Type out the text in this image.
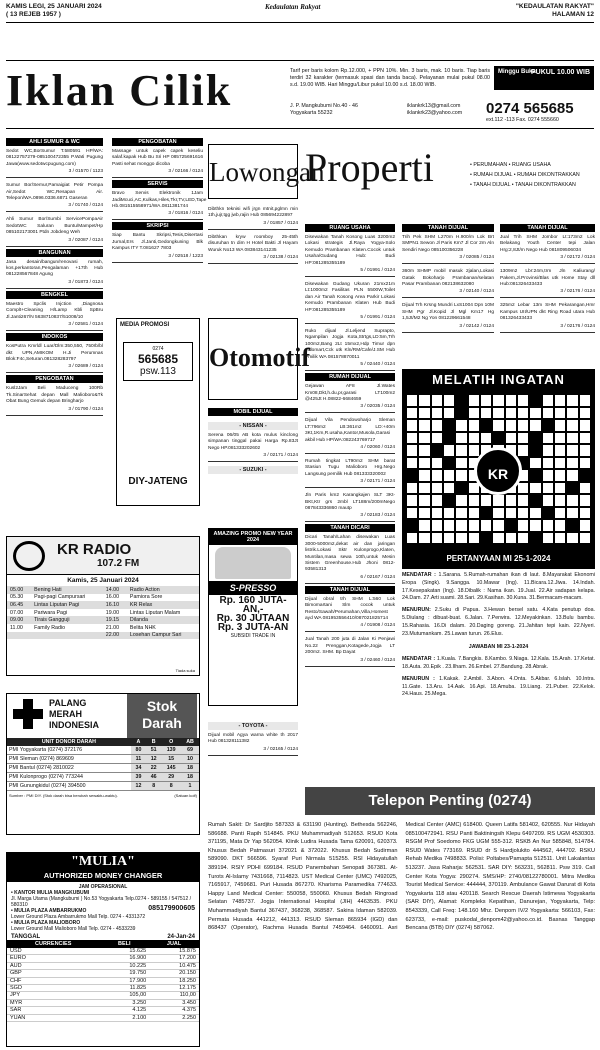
KAMIS LEGI, 25 JANUARI 2024
( 13 REJEB 1957 )
Kedaulatan Rakyat	"KEDAULATAN RAKYAT"
HALAMAN 12
Iklan Cilik	Tarif per baris kolom Rp.12.000, + PPN 10%. Min. 3 baris, mak. 10 baris. Tiap baris terdiri 32 karakter (termasuk spasi dan tanda baca). Pelayanan mulai pukul 08.00 s.d. 19.00 WIB. Hari Minggu/Libur pukul 10.00 s.d. 18.00 WIB.
Minggu Buka
PUKUL 10.00 WIB
J. P. Mangkubumi No.40 - 46
Yogyakarta 55232
iklankrk13@gmail.com
iklankrk23@yahoo.com	0274 565685
ext.112 -113 Fax. 0274 555660
AHLI SUMUR & WC
Sedot WC,BorSumur T.580591 HP/WA: 08122757279-085100472355 P.Wati Pugung Jawa(www.sedotwcpugung.com)
3 / 01570 / 1123
Sumur Bor/Semur,Pamaigiat Petir Pompa Air,Sedot WC,Resapan Air. Telepon/WA.0896.0336.6871 Gaseran
3 / 01740 / 0124
Ahli Sumur Bor/Sumbi ServicePompaAir SedotWC Saluran Buntu/Mampet/Hp 085102173001 Ptdn Jobdeng Weh
3 / 02087 / 0124
BANGUNAN
Jasa desain/bangun/renovasi rumah, kos,perkantoran,Pengalaman +17th Hub 081228567848 Agung
3 / 01873 / 0124
BENGKEL
Maestro Spclis Injction ,Diagnosa Complt+Cleaning H/Lamp Kbli SpBru Jl.Janti267/N 5638710837/51008/10
3 / 02581 / 0124
INDOKOS
KosPutra Kmrldl Luar/Dlm:350,550, 750rb/bl dkt UPN,AMIKOM H.Ji Perumnas Blok:F4c,Seturan.081328283797
3 / 02689 / 0124
PENGOBATAN
Kusl2Jam Beli Maduceng 100Rb Tk.SinarSehat depan Mall Malioboro&Tk Obat Bung Gemuk depan Bringharjo
3 / 01790 / 0124
PENGOBATAN
Massage untuk capek capek keseliu salaf.kapak Hub Bu Sri HP 085725691616 Pasti sehat monggo dicoba
3 / 02166 / 0124
SERVIS
Bravo Servis Elektronik 1Jam JadiMcuci,AC,Kulkas,Hiles,Tkr,TV,LED,Tape Hb.081515558971/WA.0811381744
3 / 01816 / 0124
SKRIPSI
Siap Bantu Skripsi,Tesis,Disertasi Jurnal,Ers Jl.Janti,Gedongkuning Blk Kampus ITY T.081627 7803
3 / 02518 / 1223
MEDIA PROMOSI
0274
565685
psw.113
DIY-JATENG
Lowongan
Dibthkn teknisi wifi jrgn mtnit,pglmn min 1th,jujr,tgg jwb,rajin Hub 085694222897
3 / 01857 / 0124
Dibthkan kryw roomboy 25-45th disuruhan tn dim H Hotel Bakti Jl Hayam Wuruk No13 WA 083843141235
3 / 02138 / 0124
Otomotif
MOBIL DIJUAL
- NISSAN -
Serena 06/05 AB kota mulus kinclong simpanan tinggal pakai Harga Rp.83Jt Nego HP.081333202602
3 / 02171 / 0124
- SUZUKI -
AMAZING PROMO NEW YEAR 2024
S-PRESSO
Rp. 160 JUTA-AN,-
Rp. 30 JUTAAN
Rp. 3 JUTA-AN
SUBSIDI TRADE IN
- TOYOTA -
Dijual mobil Agya warna white th 2017 Hub 081328111382
3 / 02165 / 0124
Properti	• PERUMAHAN • RUANG USAHA
• RUMAH DIJUAL • RUMAH DIKONTRAKKAN
• TANAH DIJUAL • TANAH DIKONTRAKKAN
RUANG USAHA
Disewakan Tanah Kosong Luas 3200m2 Lokasi strategis Jl.Raya Yogya-Solo Kemudo Prambanan Klaten.Cocok untuk Usaha/Gudang Hub: Budi HP:081285355189
5 / 01991 / 0124
Disewakan Gudang Ukuran 21mx21m Lt:1000m2 Fasilitas PLN 5500W,Toilet dan Air Tanah Kosong Area Parkir Lokasi Kemudo Prambanan Klaten Hub Budi HP:081285355189
5 / 01991 / 0124
Ruko dijual Jl.Leljend Suprapto, Ngampilan Jogja Kota,Strtgs,LD:5m,Trh 100m2,Bang 2Lt 15mx2,Hdp Timur dpn Indomart,Cck utk Kln/RM/Cafe/J.SM Hub Pmilik WA 081578870011
5 / 02440 / 0124
RUMAH DIJUAL
Gejawan AF8 Jl.Wates Km08,Dkt,h.du,pr,garasi LT100m2 @425Jt H.08822-6684659
3 / 02035 / 0124
Dijual Vila Pendowoharjo Sleman LT:796m2 LB:361m2 LD:+40m 3Kt,1Km,R.usaha,Kantor,Musola,Garasi akbil Hub HP/WA:082243769717
4 / 02060 / 0124
Rumah tingkat LT90m2 SHM barat Stasiun Tugu Malioboro Hrg.Nego Langsung pemilik Hub 081333320002
3 / 02171 / 0124
Jln Paris km2 Karangkajen SLT 3Kt-BKt,Ktr grs 2mbl LT188m/200mNego 087843336860 mautp
3 / 02183 / 0124
TANAH DICARI
Dicari Tanah/Lahan disewakan Luas 3000-5000m2,dekat air dan jaringan listrik.Lokasi Sktr Kulonprogo,Klaten, Muntilan,masa sewa 10th,untuk Mesin Sistem Greenhouse.Hub Jhoni 0812-93581313
6 / 02167 / 0124
TANAH DIJUAL
Dijual obral trh SHM L:560 Lok Bimomartani Slm cocok untuk Resto/Sawah/Perumahan,Villa,Homest ayd WA 081953556410/087021825714
4 / 01908 / 0124
Jual Tanah 200 juta di Jalan Ki Penjawi No.22 Prenggan,Kotagede,Jogja LT 200m2. SHM. Bp Dayat
3 / 02460 / 0124
TANAH DIJUAL
Trih Pek SHM L270m H.900/m Lok Brt SMPN1 Sewon Jl Paris Km7 Jl Cor 2m Aln Sendiri Nego 085100356228
3 / 02085 / 0124
360m SHMP mobil masuk 2jalan,Lokasi Gatak Bokoharjo Prambanan/selatan Pasar Prambanan 082138632080
3 / 02140 / 0124
Dijual Trh Krsng Mundri LxS1004 Dpn 10M SHM Pgr Jl.Kopid Jl Mgl Km17 Hg 1,5Jt/M2 Ng Yon 081229661548
3 / 02142 / 0124
TANAH DIJUAL
Jual Trih SHM Jombor Lt:173m2 Lok Belakang Youth Center tepi Jalan Hrg:2,8Jt/m Nego Hub 081809506034
3 / 02172 / 0124
1309m2 Lbr:24m,trm Jln Kaliurang/ Pakem,Jl.Provinsi/Blas utk Home Stay dll Hub:081326433433
3 / 02176 / 0124
325m2 Lebar 13m SHM Pekarangan,Hmr Kampus UII/UPN dkt Ring Road utara Hub 081326433433
3 / 02176 / 0124
MELATIH INGATAN
KR
PERTANYAAN MI 25-1-2024

MENDATAR : 1.Sarana. 5.Rumah-rumahan ikan di laut. 8.Mayarakat Ekonomi Eropa (Singk). 9.Sangga. 10.Mawar (Ing). 11.Bicara.12.Jiwa. 14.Indah. 17.Kesepakatan (Ing). 18.Dibalik : Nama ikan. 19.Jual. 22.Air sadapan kelapa. 24.Dam. 27.Arti suami. 28.Sari. 29.Kasihan. 30.Kuna. 31.Bermacam-macam.

MENURUN: 2.Suku di Papua. 3.Hewan bersel satu. 4.Kata penutup doa. 5.Diulang : dibuat-buat. 6.Jalan. 7.Perwira. 12.Meyakinkan. 13.Bulu bambu. 15.Rahasia. 16.Di dalam. 20.Daging goreng. 21.Jahitan tepi kain. 22.Nyeri. 23.Mutumankam. 25.Lawan turun. 26.Elus.

JAWABAN MI 23-1-2024

MENDATAR : 1.Kuala. 7.Bangkis. 8.Kambo. 9.Niaga. 12.Kala. 15.Arah. 17.Ketat. 18.Auta. 20.Epik . 23.Ilham. 26.Embel. 27.Bandung. 28.Abrak.

MENURUN : 1.Kakak. 2.Ambil. 3.Abon. 4.Onta. 5.Akbar. 6.Islah. 10.Intra. 11.Gate. 13.Aru. 14.Aak. 16.Api. 18.Amuba. 19.Liang. 21.Puber. 22.Kelok. 24.Haus. 25.Mega.

KR RADIO
107.2 FM
Kamis, 25 Januari 2024
05.00	Bening Hati	14.00	Radio Action
05.30	Pagi-pagi Campursari	16.00	Pamiora Sore
06.45	Lintas Liputan Pagi	16.10	KR Relax
07.00	Pariwara Pagi	19.00	Lintas Liputan Malam
09.00	Tirais Gangguji	19.15	Dilanda
11.00	Family Radio	21.00	Belita NHK
		22.00	Losehan Campur Sari
Tiada suka
PALANG
MERAH
INDONESIA
Stok
Darah
UNIT DONOR DARAH	A	B	O	AB
PMI Yogyakarta (0274) 372176	80	51	139	69
PMI Sleman (0274) 869609	11	12	15	10
PMI Bantul (0274) 2810022	34	22	145	18
PMI Kulonprogo (0274) 773244	39	46	29	18
PMI Gunungkidul (0274) 394500	12	8	8	1
Sumber : PMI DIY. (Stok darah bisa berubah sewaktu-waktu).	(Satuan kolf)
"MULIA"
AUTHORIZED MONEY CHANGER
JAM OPERASIONAL
• KANTOR MULIA MANGKUBUMI
Jl. Marga Utama (Mangkubumi ) No.53 Yogyakarta Telp.0274 - 589155 / 547512 / 580310
• MULIA PLAZA AMBARRUKMO
Lower Ground Plaza Ambarrukmo Mall Telp. 0274 - 4331372
• MULIA PLAZA MALIOBORO
Lower Ground Mall Malioboro Mall Telp. 0274 - 4533239
085179900605
TANGGAL	24-Jan-24
CURRENCIES	BELI	JUAL
USD	15.625	15.875
EURO	16.900	17.200
AUD	10.225	10.475
GBP	19.750	20.150
CHF	17.900	18.250
SGD	11.825	12.175
JPY	105,00	110,00
MYR	3.250	3.450
SAR	4.125	4.375
YUAN	2.100	2.250
Telepon Penting (0274)
Rumah Sakit: Dr Sardjito 587333 & 631190 (Hunting). Bethesda 562246, 586688. Panti Rapih 514845. PKU Muhammadiyah 512653. RSUD Kota 371195, Mata Dr Yap 562054. Klinik Ludira Husada Tama 620091, 620373. Khusus Bedah Patmasuri 372021 & 372022. Khusus Bedah Sudirman 589090. DKT 566596. Syaraf Puri Nirmala 515255. RSI Hidayatullah 389194. RSIY PDHI 699184. RSUD Panembahan Senopati 367381. At-Turots Al-Islamy 7431668, 7114823. UST Medical Center (UMC) 7492025, 7165917, 7459681. Puri Husada 867270. Kharisma Paramedika 774633. Happy Land Medical Center: 550058, 550060. Khusus Bedah Ringroad Selatan 7485737. Jogja International Hospital (JIH) 4463535. PKU Muhammadiyah Bantul 367437, 368238, 368587. Sakina Idaman 582039. Permata Husada 441212, 441313. RSUD Sleman 865934 (IGD) dan 868437 (Operator), Rachma Husada Bantul 7459464. 6460091. Asri Medical Center (AMC) 618400. Queen Latifa 581402, 620555. Nur Hidayah 085100472941. RSU Panti Baktiningsih Klepu 6497209. RS UGM 4530303. RSGM Prof Soedomo FKG UGM 555-312. RSKB An Nur 585848, 514784. RSUD Wates 773169. RSUD dr S Hardjolukito 444562, 444702. RSKU Rehab Medika 7498833. Polisi: Poltabes/Pamapta 512511. Unit Lakalantas 513237. Jasa Raharja: 562531. SAR DIY: 563231, 562811. Psw 319. Call Center Kota Yogya: 290274. SMS/HP: 2740/08122780001. Mitra Medika Tourist Medical Service: 444444, 370119. Ambulance Gawat Darurat di Kota Yogyakarta 118 atau 420118. Search Rescue Daerah Istimewa Yogyakarta (SAR DIY), Alamat: Kompleks Kepatihan, Danurejan, Yogyakarta, Telp: 8543339, Call Freq: 148.160 Mhz. Denpom IV/2 Yogyakarta: 566103, Fax: 623733, e-mail: puskodal_denpom42@yahoo.co.id. Basnas Tanggap Bencana (BTB) DIY (0274) 587062.
